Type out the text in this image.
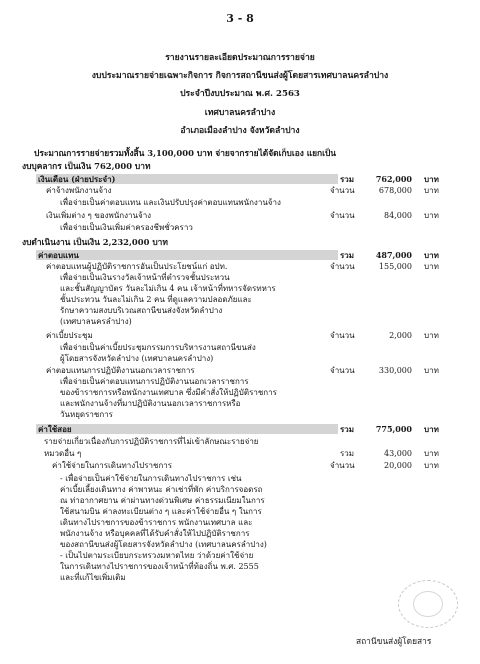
3 - 8
รายงานรายละเอียดประมาณการรายจ่าย
งบประมาณรายจ่ายเฉพาะกิจการ กิจการสถานีขนส่งผู้โดยสารเทศบาลนครลำปาง
ประจำปีงบประมาณ พ.ศ. 2563
เทศบาลนครลำปาง
อำเภอเมืองลำปาง จังหวัดลำปาง
ประมาณการรายจ่ายรวมทั้งสิ้น 3,100,000 บาท จ่ายจากรายได้จัดเก็บเอง แยกเป็น
งบบุคลากร เป็นเงิน 762,000 บาท
เงินเดือน (ฝ่ายประจำ)	รวม	762,000 บาท
ค่าจ้างพนักงานจ้าง	จำนวน	678,000 บาท
เพื่อจ่ายเป็นค่าตอบแทน และเงินปรับปรุงค่าตอบแทนพนักงานจ้าง
เงินเพิ่มต่าง ๆ ของพนักงานจ้าง	จำนวน	84,000 บาท
เพื่อจ่ายเป็นเงินเพิ่มค่าครองชีพชั่วคราว
งบดำเนินงาน เป็นเงิน 2,232,000 บาท
ค่าตอบแทน	รวม	487,000 บาท
ค่าตอบแทนผู้ปฏิบัติราชการอันเป็นประโยชน์แก่ อปท.	จำนวน	155,000 บาท
เพื่อจ่ายเป็นเงินรางวัลเจ้าหน้าที่ตำรวจชั้นประทวน
และชั้นสัญญาบัตร วันละไม่เกิน 4 คน เจ้าหน้าที่ทหารจัดรทหาร
ชั้นประทวน วันละไม่เกิน 2 คน ที่ดูแลความปลอดภัยและ
รักษาความสงบบริเวณสถานีขนส่งจังหวัดลำปาง
(เทศบาลนครลำปาง)
ค่าเบี้ยประชุม	จำนวน	2,000 บาท
เพื่อจ่ายเป็นค่าเบี้ยประชุมกรรมการบริหารงานสถานีขนส่ง
ผู้โดยสารจังหวัดลำปาง (เทศบาลนครลำปาง)
ค่าตอบแทนการปฏิบัติงานนอกเวลาราชการ	จำนวน	330,000 บาท
เพื่อจ่ายเป็นค่าตอบแทนการปฏิบัติงานนอกเวลาราชการ
ของข้าราชการหรือพนักงานเทศบาล ซึ่งมีคำสั่งให้ปฏิบัติราชการ
และพนักงานจ้างที่มาปฏิบัติงานนอกเวลาราชการหรือ
วันหยุดราชการ
ค่าใช้สอย	รวม	775,000 บาท
รายจ่ายเกี่ยวเนื่องกับการปฏิบัติราชการที่ไม่เข้าลักษณะรายจ่าย
หมวดอื่น ๆ	รวม	43,000 บาท
ค่าใช้จ่ายในการเดินทางไปราชการ	จำนวน	20,000 บาท
- เพื่อจ่ายเป็นค่าใช้จ่ายในการเดินทางไปราชการ เช่น
ค่าเบี้ยเลี้ยงเดินทาง ค่าพาหนะ ค่าเช่าที่พัก ค่าบริการจอดรถ
ณ ท่าอากาศยาน ค่าผ่านทางด่วนพิเศษ ค่าธรรมเนียมในการ
ใช้สนามบิน ค่าลงทะเบียนต่าง ๆ และค่าใช้จ่ายอื่น ๆ ในการ
เดินทางไปราชการของข้าราชการ พนักงานเทศบาล และ
พนักงานจ้าง หรือบุคคลที่ได้รับคำสั่งให้ไปปฏิบัติราชการ
ของสถานีขนส่งผู้โดยสารจังหวัดลำปาง (เทศบาลนครลำปาง)
- เป็นไปตามระเบียบกระทรวงมหาดไทย ว่าด้วยค่าใช้จ่าย
ในการเดินทางไปราชการของเจ้าหน้าที่ท้องถิ่น พ.ศ. 2555
และที่แก้ไขเพิ่มเติม
สถานีขนส่งผู้โดยสาร
